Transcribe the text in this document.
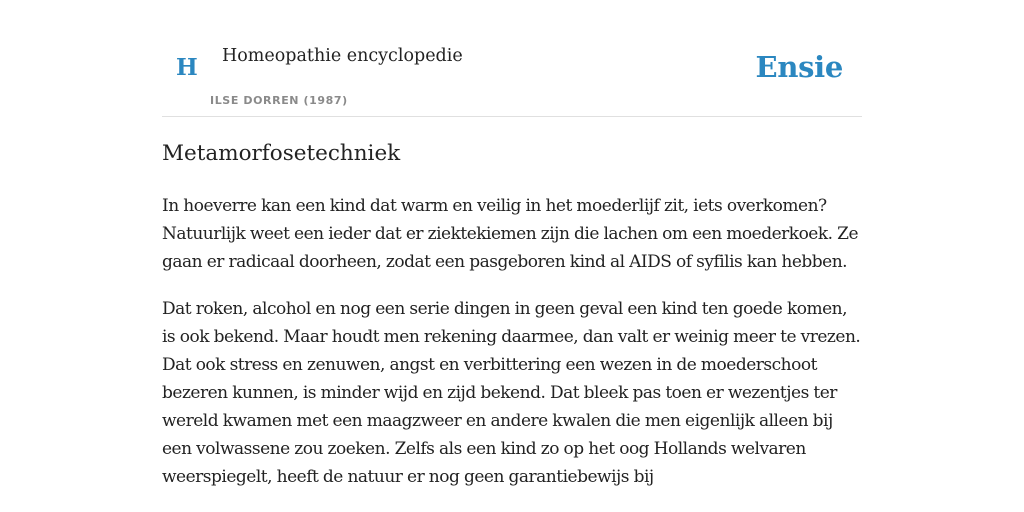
H Homeopathie encyclopedie
ILSE DORREN (1987)
Ensie
Metamorfosetechniek

In hoeverre kan een kind dat warm en veilig in het moederlijf zit, iets overkomen? Natuurlijk weet een ieder dat er ziektekiemen zijn die lachen om een moederkoek. Ze gaan er radicaal doorheen, zodat een pasgeboren kind al AIDS of syfilis kan hebben.

Dat roken, alcohol en nog een serie dingen in geen geval een kind ten goede komen, is ook bekend. Maar houdt men rekening daarmee, dan valt er weinig meer te vrezen. Dat ook stress en zenuwen, angst en verbittering een wezen in de moederschoot bezeren kunnen, is minder wijd en zijd bekend. Dat bleek pas toen er wezentjes ter wereld kwamen met een maagzweer en andere kwalen die men eigenlijk alleen bij een volwassene zou zoeken. Zelfs als een kind zo op het oog Hollands welvaren weerspiegelt, heeft de natuur er nog geen garantiebewijs bij
